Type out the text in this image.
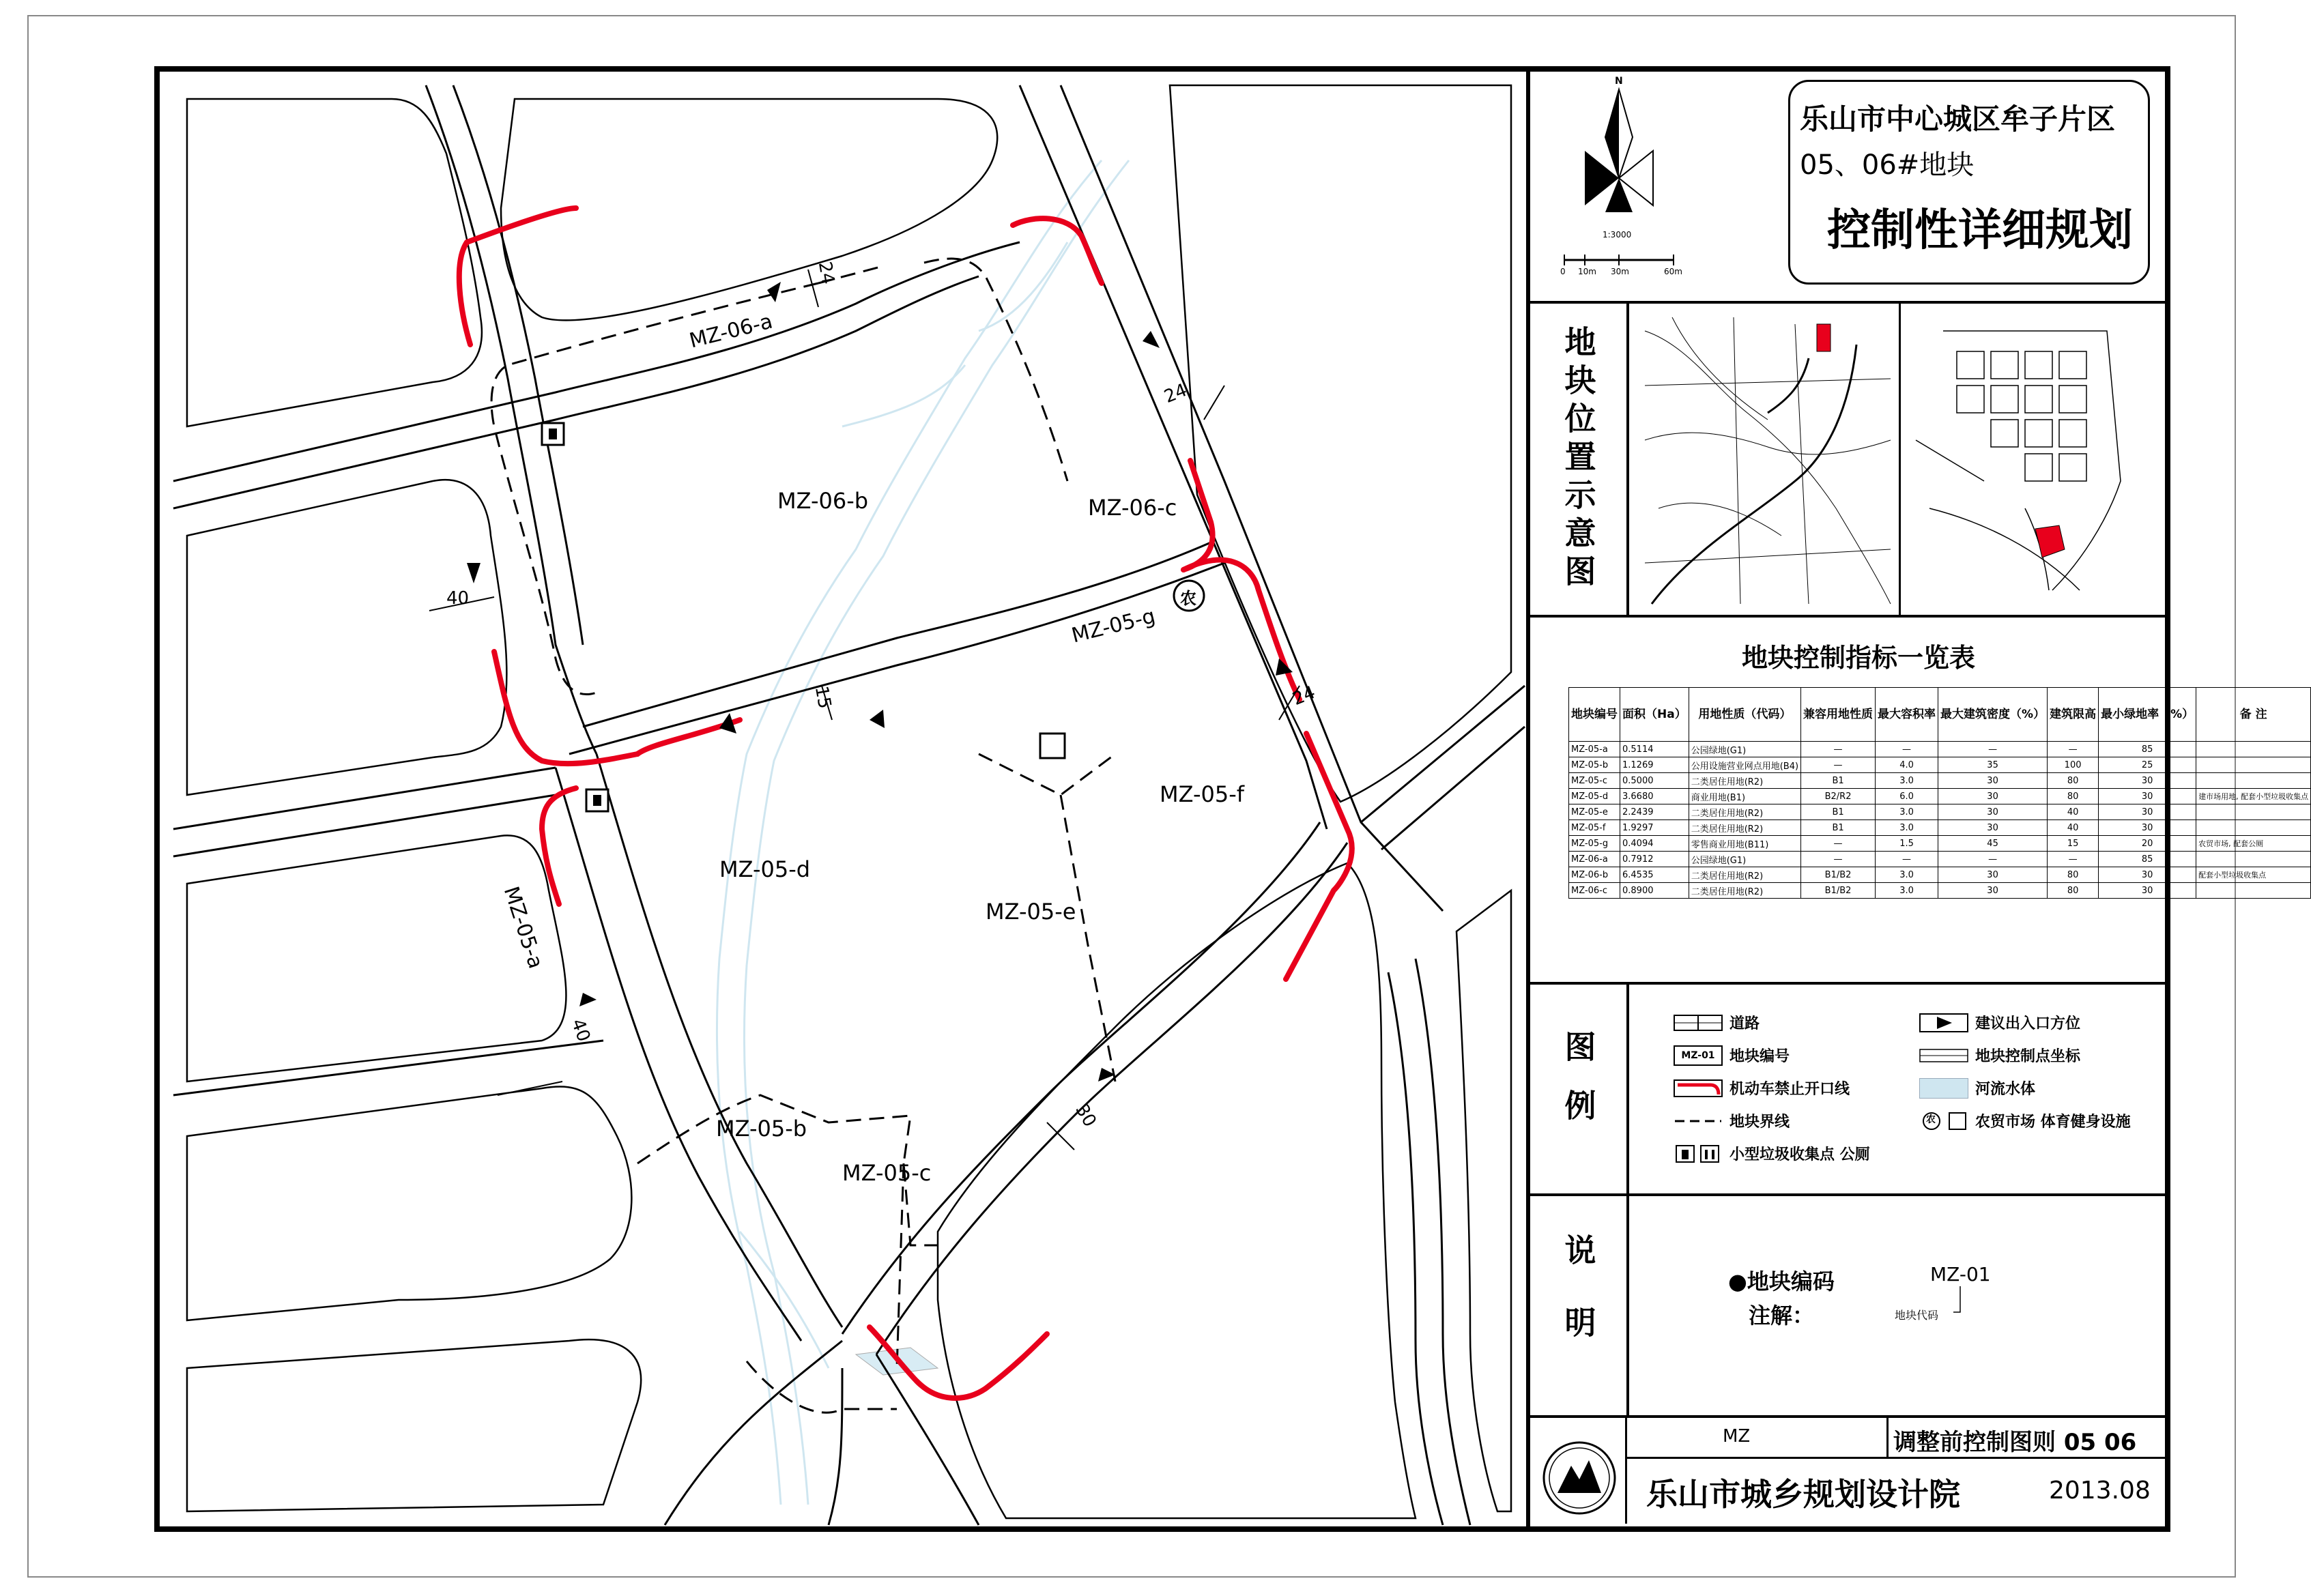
MZ-06-a
MZ-06-b	MZ-06-c
MZ-05-g
MZ-05-f
MZ-05-d
MZ-05-e
MZ-05-a
MZ-05-b
MZ-05-c
24
24
40
15	24
40
30
农
N
1:3000
0 10m 30m	60m
乐山市中心城区牟子片区
05、06#地块
控制性详细规划
地块位置示意图
地块控制指标一览表
地块编号	面积（Ha）	用地性质（代码）	兼容用地性质	最大容积率	最大建筑密度（%）	建筑限高	最小绿地率（%）	备 注
MZ-05-a	0.5114	公园绿地(G1)	—	—	—	—	85	
MZ-05-b	1.1269	公用设施营业网点用地(B4)	—	4.0	35	100	25	
MZ-05-c	0.5000	二类居住用地(R2)	B1	3.0	30	80	30	
MZ-05-d	3.6680	商业用地(B1)	B2/R2	6.0	30	80	30	建市场用地, 配套小型垃圾收集点
MZ-05-e	2.2439	二类居住用地(R2)	B1	3.0	30	40	30	
MZ-05-f	1.9297	二类居住用地(R2)	B1	3.0	30	40	30	
MZ-05-g	0.4094	零售商业用地(B11)	—	1.5	45	15	20	农贸市场, 配套公厕
MZ-06-a	0.7912	公园绿地(G1)	—	—	—	—	85	
MZ-06-b	6.4535	二类居住用地(R2)	B1/B2	3.0	30	80	30	配套小型垃圾收集点
MZ-06-c	0.8900	二类居住用地(R2)	B1/B2	3.0	30	80	30	
图例
道路	建议出入口方位
MZ-01 地块编号	地块控制点坐标
机动车禁止开口线	河流水体
地块界线	农	农贸市场 体育健身设施
小型垃圾收集点 公厕
说明	●地块编码
注解：
MZ-01
地块代码
MZ	调整前控制图则 05 06
乐山市城乡规划设计院	2013.08
